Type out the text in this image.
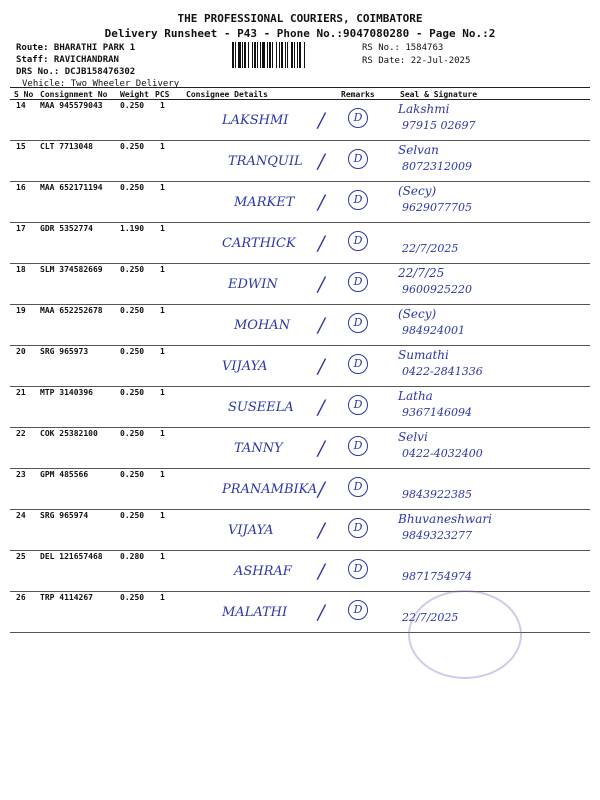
THE PROFESSIONAL COURIERS, COIMBATORE
Delivery Runsheet - P43 - Phone No.:9047080280 - Page No.:2
Route: BHARATHI PARK 1
Staff: RAVICHANDRAN
DRS No.: DCJB158476302
Vehicle: Two Wheeler Delivery
RS No.: 1584763
RS Date: 22-Jul-2025
S No Consignment No Weight PCS Consignee Details	Remarks	Seal & Signature
14 MAA 945579043 0.250 1
LAKSHMI /	D
Lakshmi
97915 02697
15 CLT 7713048	0.250 1
TRANQUIL /	D
Selvan
8072312009
16 MAA 652171194 0.250 1
MARKET /	D
(Secy)
9629077705
17 GDR 5352774	1.190 1
CARTHICK /	D
22/7/2025
18 SLM 374582669 0.250 1
EDWIN /	D
22/7/25
9600925220
19 MAA 652252678 0.250 1
MOHAN /	D
(Secy)
984924001
20 SRG 965973	0.250 1
VIJAYA	/	D
Sumathi
0422-2841336
21 MTP 3140396	0.250 1
SUSEELA /	D
Latha
9367146094
22 COK 25382100	0.250 1
TANNY /	D
Selvi
0422-4032400
23 GPM 485566	0.250 1
PRANAMBIKA /	D
9843922385
24 SRG 965974	0.250 1
VIJAYA /	D
Bhuvaneshwari
9849323277
25 DEL 121657468 0.280 1
ASHRAF /	D
9871754974
26 TRP 4114267	0.250 1
MALATHI /	D
22/7/2025
